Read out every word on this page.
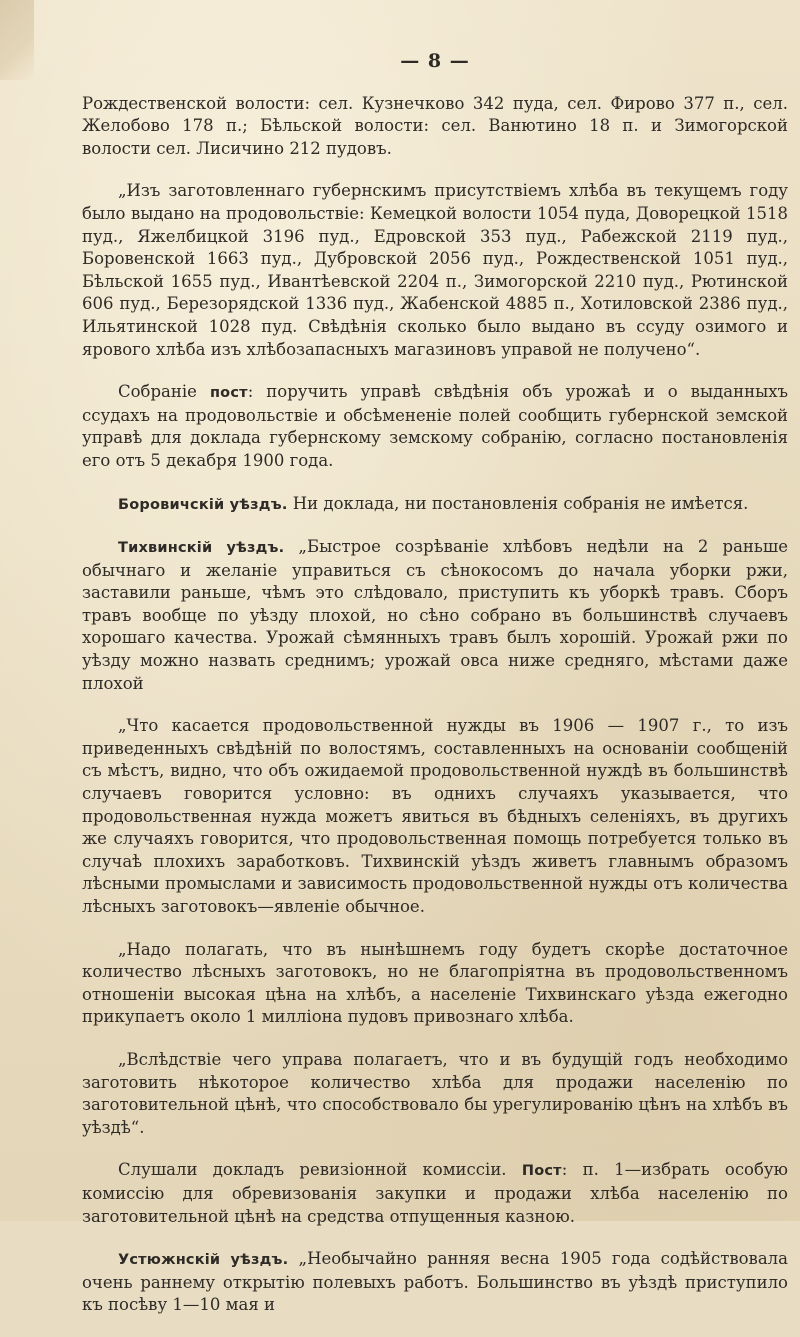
— 8 —

Рождественской волости: сел. Кузнечково 342 пуда, сел. Фирово 377 п., сел. Желобово 178 п.; Бѣльской волости: сел. Ванютино 18 п. и Зимогорской волости сел. Лисичино 212 пудовъ.

„Изъ заготовленнаго губернскимъ присутствіемъ хлѣба въ текущемъ году было выдано на продовольствіе: Кемецкой волости 1054 пуда, Доворецкой 1518 пуд., Яжелбицкой 3196 пуд., Едровской 353 пуд., Рабежской 2119 пуд., Боровенской 1663 пуд., Дубровской 2056 пуд., Рождественской 1051 пуд., Бѣльской 1655 пуд., Ивантѣевской 2204 п., Зимогорской 2210 пуд., Рютинской 606 пуд., Березорядской 1336 пуд., Жабенской 4885 п., Хотиловской 2386 пуд., Ильятинской 1028 пуд. Свѣдѣнія сколько было выдано въ ссуду озимого и ярового хлѣба изъ хлѣбозапасныхъ магазиновъ управой не получено“.

Собраніе пост: поручить управѣ свѣдѣнія объ урожаѣ и о выданныхъ ссудахъ на продовольствіе и обсѣмененіе полей сообщить губернской земской управѣ для доклада губернскому земскому собранію, согласно постановленія его отъ 5 декабря 1900 года.

Боровичскій уѣздъ. Ни доклада, ни постановленія собранія не имѣется.

Тихвинскій уѣздъ. „Быстрое созрѣваніе хлѣбовъ недѣли на 2 раньше обычнаго и желаніе управиться съ сѣнокосомъ до начала уборки ржи, заставили раньше, чѣмъ это слѣдовало, приступить къ уборкѣ травъ. Сборъ травъ вообще по уѣзду плохой, но сѣно собрано въ большинствѣ случаевъ хорошаго качества. Урожай сѣмянныхъ травъ былъ хорошій. Урожай ржи по уѣзду можно назвать среднимъ; урожай овса ниже средняго, мѣстами даже плохой

„Что касается продовольственной нужды въ 1906 — 1907 г., то изъ приведенныхъ свѣдѣній по волостямъ, составленныхъ на основаніи сообщеній съ мѣстъ, видно, что объ ожидаемой продовольственной нуждѣ въ большинствѣ случаевъ говорится условно: въ однихъ случаяхъ указывается, что продовольственная нужда можетъ явиться въ бѣдныхъ селеніяхъ, въ другихъ же случаяхъ говорится, что продовольственная помощь потребуется только въ случаѣ плохихъ заработковъ. Тихвинскій уѣздъ живетъ главнымъ образомъ лѣсными промыслами и зависимость продовольственной нужды отъ количества лѣсныхъ заготовокъ—явленіе обычное.

„Надо полагать, что въ нынѣшнемъ году будетъ скорѣе достаточное количество лѣсныхъ заготовокъ, но не благопріятна въ продовольственномъ отношеніи высокая цѣна на хлѣбъ, а населеніе Тихвинскаго уѣзда ежегодно прикупаетъ около 1 милліона пудовъ привознаго хлѣба.

„Вслѣдствіе чего управа полагаетъ, что и въ будущій годъ необходимо заготовить нѣкоторое количество хлѣба для продажи населенію по заготовительной цѣнѣ, что способствовало бы урегулированію цѣнъ на хлѣбъ въ уѣздѣ“.

Слушали докладъ ревизіонной комиссіи. Пост: п. 1—избрать особую комиссію для обревизованія закупки и продажи хлѣба населенію по заготовительной цѣнѣ на средства отпущенныя казною.

Устюжнскій уѣздъ. „Необычайно ранняя весна 1905 года содѣйствовала очень раннему открытію полевыхъ работъ. Большинство въ уѣздѣ приступило къ посѣву 1—10 мая и
